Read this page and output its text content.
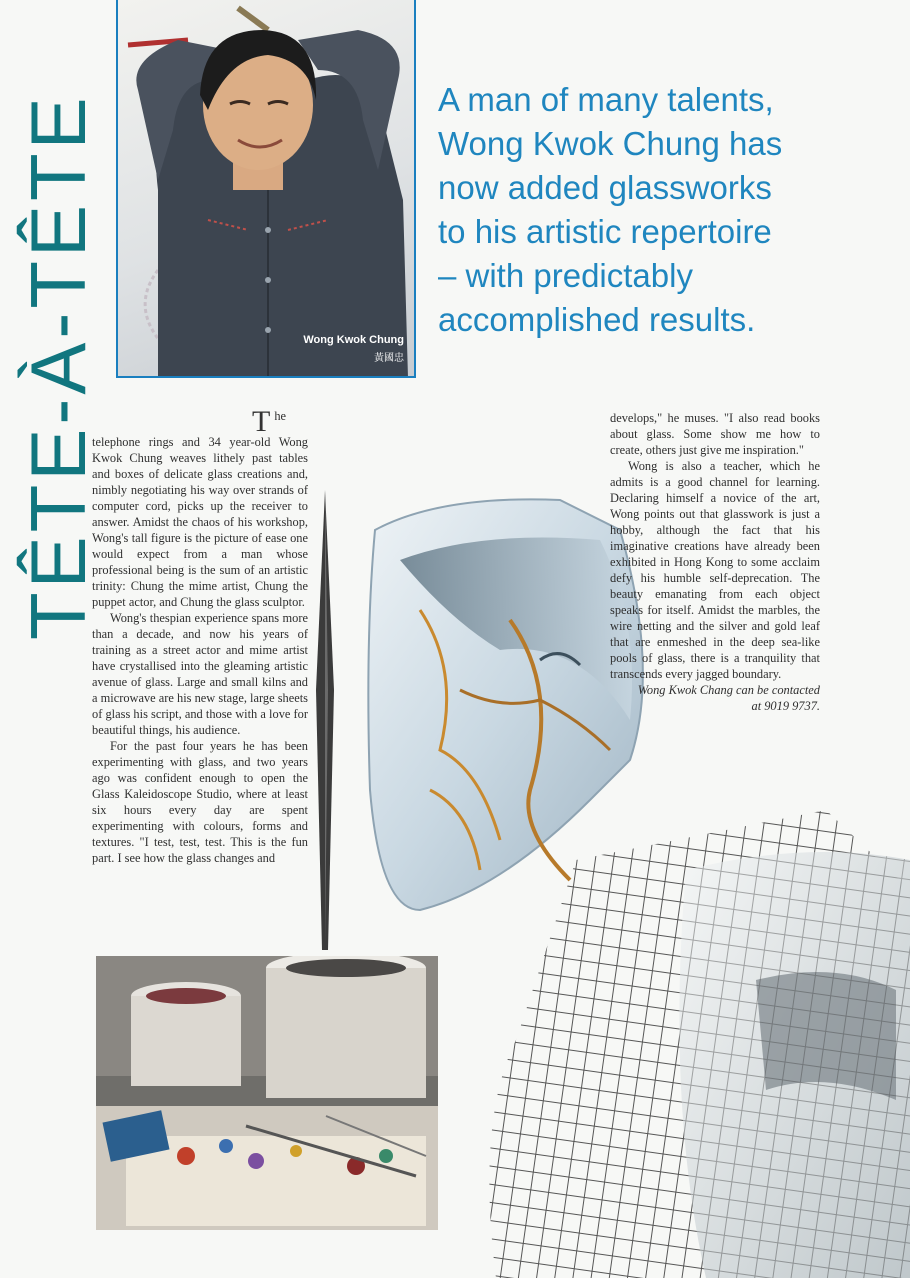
TÊTE-À-TÊTE	Wong Kwok Chung
黃國忠
A man of many talents,
Wong Kwok Chung has
now added glassworks
to his artistic repertoire
– with predictably
accomplished results.

The telephone rings and 34 year-old Wong Kwok Chung weaves lithely past tables and boxes of delicate glass creations and, nimbly negotiating his way over strands of computer cord, picks up the receiver to answer. Amidst the chaos of his workshop, Wong's tall figure is the picture of ease one would expect from a man whose professional being is the sum of an artistic trinity: Chung the mime artist, Chung the puppet actor, and Chung the glass sculptor.

Wong's thespian experience spans more than a decade, and now his years of training as a street actor and mime artist have crystallised into the gleaming artistic avenue of glass. Large and small kilns and a microwave are his new stage, large sheets of glass his script, and those with a love for beautiful things, his audience.

For the past four years he has been experimenting with glass, and two years ago was confident enough to open the Glass Kaleidoscope Studio, where at least six hours every day are spent experimenting with colours, forms and textures. "I test, test, test. This is the fun part. I see how the glass changes and

develops," he muses. "I also read books about glass. Some show me how to create, others just give me inspiration."

Wong is also a teacher, which he admits is a good channel for learning. Declaring himself a novice of the art, Wong points out that glasswork is just a hobby, although the fact that his imaginative creations have already been exhibited in Hong Kong to some acclaim defy his humble self-deprecation. The beauty emanating from each object speaks for itself. Amidst the marbles, the wire netting and the silver and gold leaf that are enmeshed in the deep sea-like pools of glass, there is a tranquility that transcends every jagged boundary.

Wong Kwok Chang can be contacted at 9019 9737.
